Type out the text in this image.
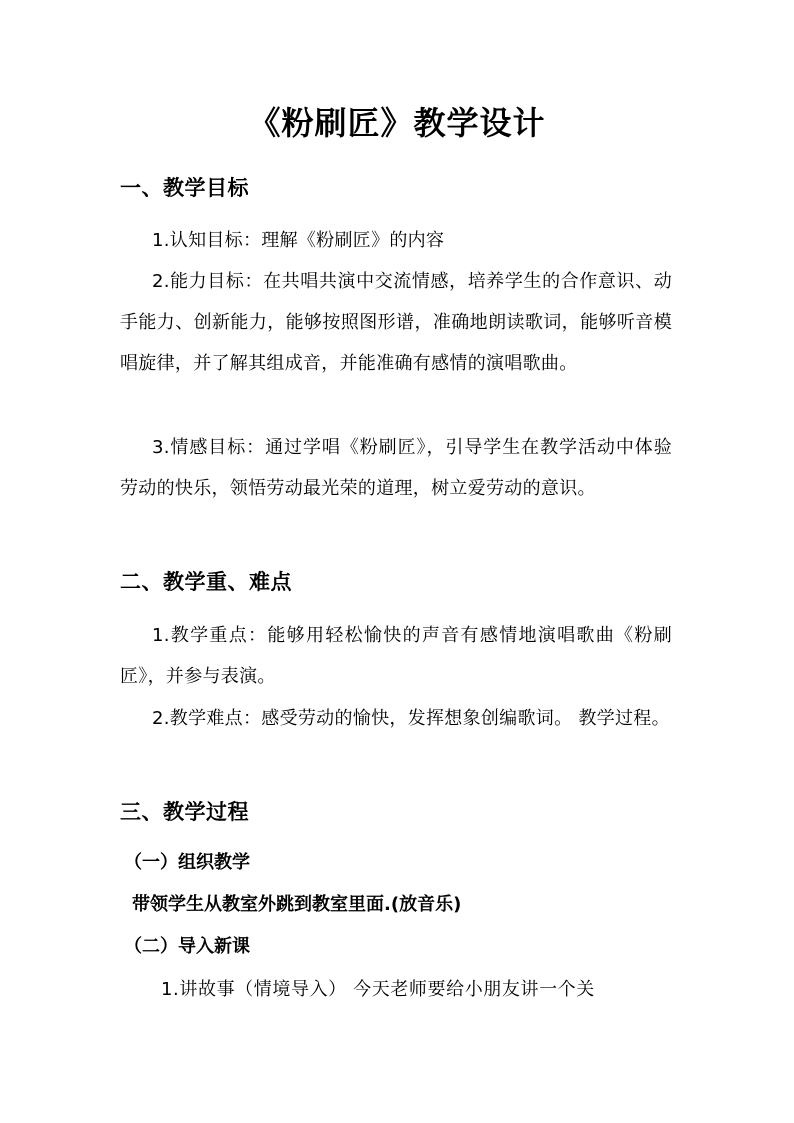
《粉刷匠》教学设计
一、教学目标
1.认知目标：理解《粉刷匠》的内容
2.能力目标：在共唱共演中交流情感，培养学生的合作意识、动手能力、创新能力，能够按照图形谱，准确地朗读歌词，能够听音模唱旋律，并了解其组成音，并能准确有感情的演唱歌曲。
3.情感目标：通过学唱《粉刷匠》，引导学生在教学活动中体验劳动的快乐，领悟劳动最光荣的道理，树立爱劳动的意识。
二、教学重、难点
1.教学重点：能够用轻松愉快的声音有感情地演唱歌曲《粉刷匠》，并参与表演。
2.教学难点：感受劳动的愉快，发挥想象创编歌词。 教学过程。
三、教学过程
（一）组织教学
带领学生从教室外跳到教室里面.(放音乐)
（二）导入新课
1.讲故事（情境导入） 今天老师要给小朋友讲一个关
